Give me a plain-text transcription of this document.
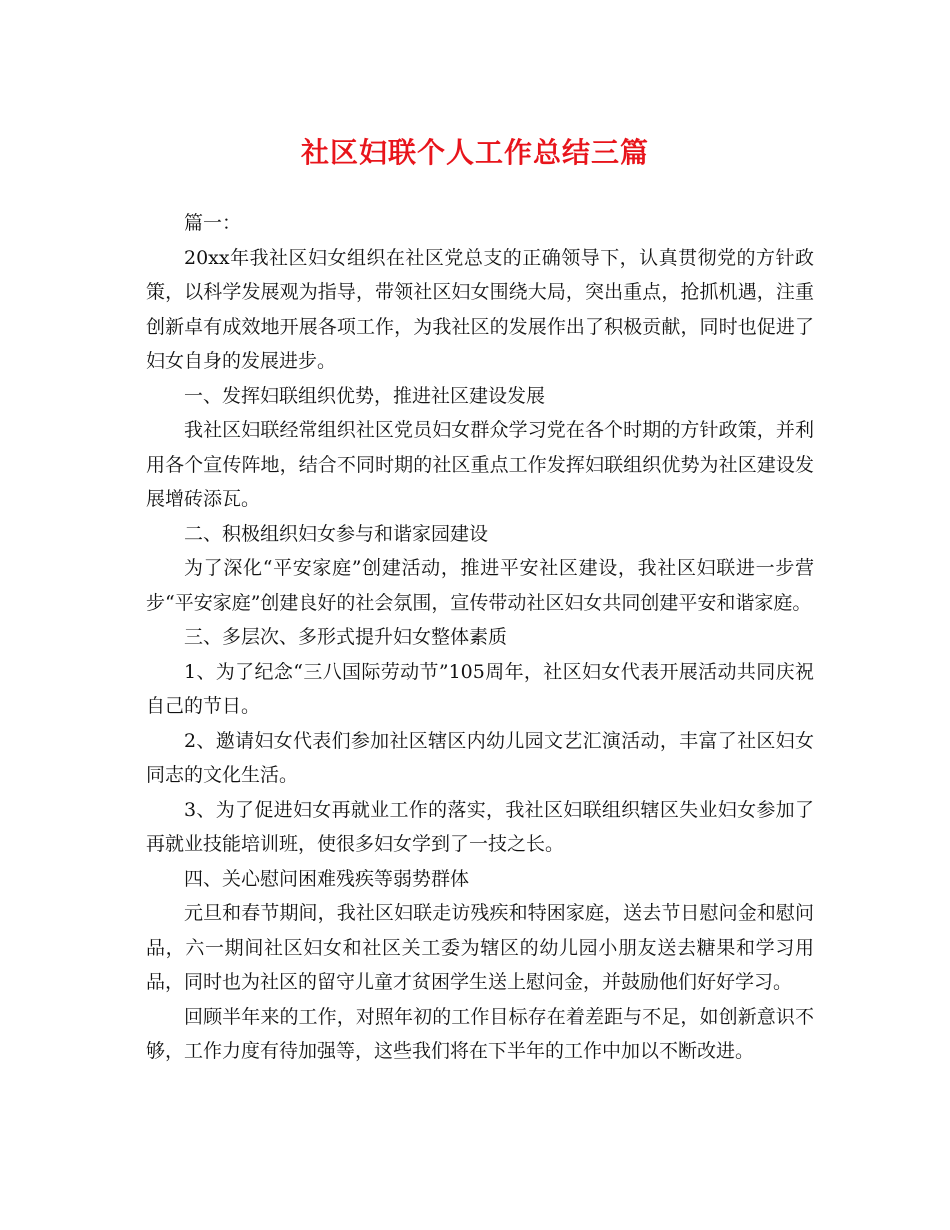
社区妇联个人工作总结三篇

篇一：

20xx年我社区妇女组织在社区党总支的正确领导下，认真贯彻党的方针政策，以科学发展观为指导，带领社区妇女围绕大局，突出重点，抢抓机遇，注重创新卓有成效地开展各项工作，为我社区的发展作出了积极贡献，同时也促进了妇女自身的发展进步。

一、发挥妇联组织优势，推进社区建设发展

我社区妇联经常组织社区党员妇女群众学习党在各个时期的方针政策，并利用各个宣传阵地，结合不同时期的社区重点工作发挥妇联组织优势为社区建设发展增砖添瓦。

二、积极组织妇女参与和谐家园建设

为了深化“平安家庭”创建活动，推进平安社区建设，我社区妇联进一步营步“平安家庭”创建良好的社会氛围，宣传带动社区妇女共同创建平安和谐家庭。

三、多层次、多形式提升妇女整体素质

1、为了纪念“三八国际劳动节”105周年，社区妇女代表开展活动共同庆祝自己的节日。

2、邀请妇女代表们参加社区辖区内幼儿园文艺汇演活动，丰富了社区妇女同志的文化生活。

3、为了促进妇女再就业工作的落实，我社区妇联组织辖区失业妇女参加了再就业技能培训班，使很多妇女学到了一技之长。

四、关心慰问困难残疾等弱势群体

元旦和春节期间，我社区妇联走访残疾和特困家庭，送去节日慰问金和慰问品，六一期间社区妇女和社区关工委为辖区的幼儿园小朋友送去糖果和学习用品，同时也为社区的留守儿童才贫困学生送上慰问金，并鼓励他们好好学习。

回顾半年来的工作，对照年初的工作目标存在着差距与不足，如创新意识不够，工作力度有待加强等，这些我们将在下半年的工作中加以不断改进。
